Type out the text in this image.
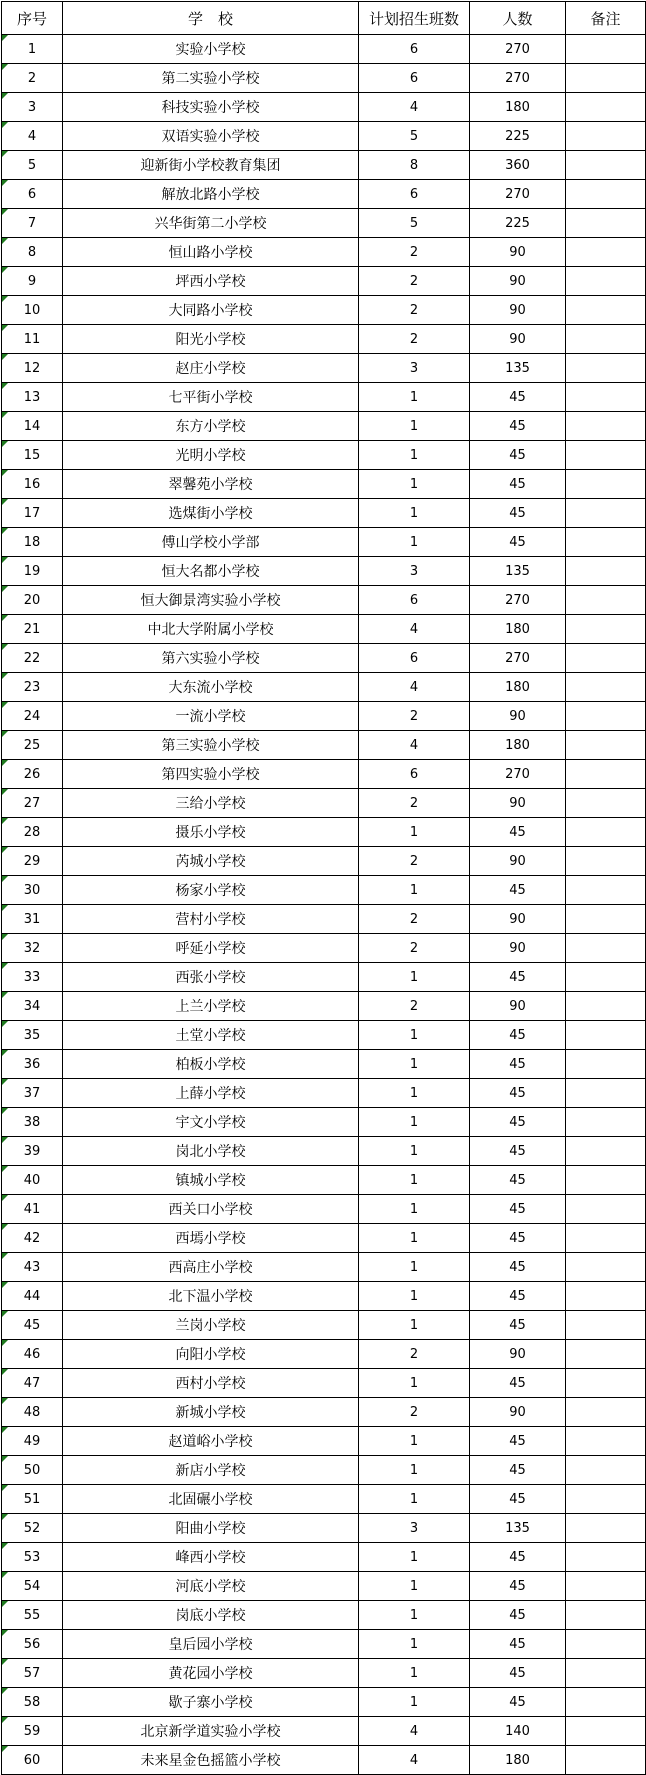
序号	学　校	计划招生班数	人数	备注
1	实验小学校	6	270	
2	第二实验小学校	6	270	
3	科技实验小学校	4	180	
4	双语实验小学校	5	225	
5	迎新街小学校教育集团	8	360	
6	解放北路小学校	6	270	
7	兴华街第二小学校	5	225	
8	恒山路小学校	2	90	
9	坪西小学校	2	90	
10	大同路小学校	2	90	
11	阳光小学校	2	90	
12	赵庄小学校	3	135	
13	七平街小学校	1	45	
14	东方小学校	1	45	
15	光明小学校	1	45	
16	翠馨苑小学校	1	45	
17	选煤街小学校	1	45	
18	傅山学校小学部	1	45	
19	恒大名都小学校	3	135	
20	恒大御景湾实验小学校	6	270	
21	中北大学附属小学校	4	180	
22	第六实验小学校	6	270	
23	大东流小学校	4	180	
24	一流小学校	2	90	
25	第三实验小学校	4	180	
26	第四实验小学校	6	270	
27	三给小学校	2	90	
28	摄乐小学校	1	45	
29	芮城小学校	2	90	
30	杨家小学校	1	45	
31	营村小学校	2	90	
32	呼延小学校	2	90	
33	西张小学校	1	45	
34	上兰小学校	2	90	
35	土堂小学校	1	45	
36	柏板小学校	1	45	
37	上薛小学校	1	45	
38	宇文小学校	1	45	
39	岗北小学校	1	45	
40	镇城小学校	1	45	
41	西关口小学校	1	45	
42	西墕小学校	1	45	
43	西高庄小学校	1	45	
44	北下温小学校	1	45	
45	兰岗小学校	1	45	
46	向阳小学校	2	90	
47	西村小学校	1	45	
48	新城小学校	2	90	
49	赵道峪小学校	1	45	
50	新店小学校	1	45	
51	北固碾小学校	1	45	
52	阳曲小学校	3	135	
53	峰西小学校	1	45	
54	河底小学校	1	45	
55	岗底小学校	1	45	
56	皇后园小学校	1	45	
57	黄花园小学校	1	45	
58	歇子寨小学校	1	45	
59	北京新学道实验小学校	4	140	
60	未来星金色摇篮小学校	4	180	
